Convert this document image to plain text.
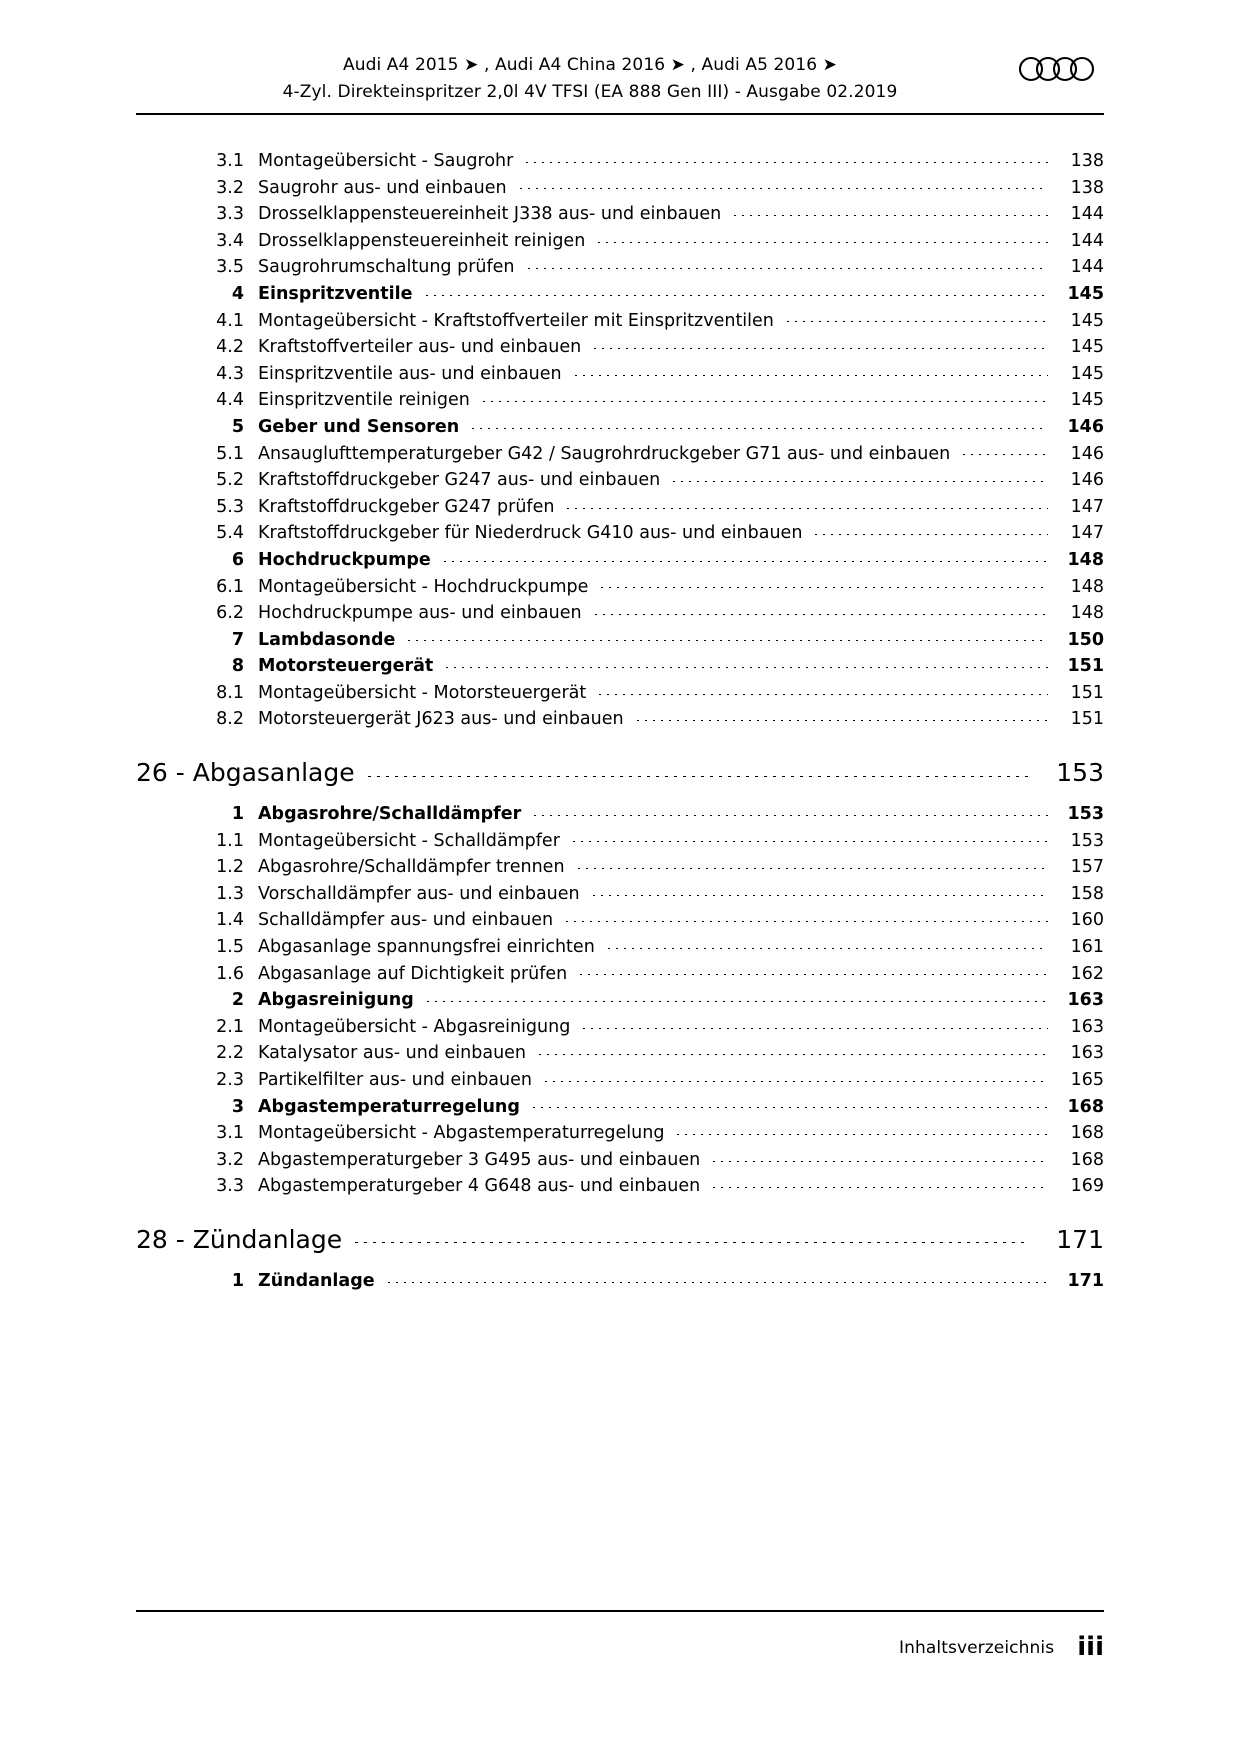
Audi A4 2015 ➤ , Audi A4 China 2016 ➤ , Audi A5 2016 ➤
4-Zyl. Direkteinspritzer 2,0l 4V TFSI (EA 888 Gen III) - Ausgabe 02.2019
3.1 Montageübersicht - Saugrohr	138
3.2 Saugrohr aus- und einbauen	138
3.3 Drosselklappensteuereinheit J338 aus- und einbauen	144
3.4 Drosselklappensteuereinheit reinigen	144
3.5 Saugrohrumschaltung prüfen	144
4 Einspritzventile	145
4.1 Montageübersicht - Kraftstoffverteiler mit Einspritzventilen	145
4.2 Kraftstoffverteiler aus- und einbauen	145
4.3 Einspritzventile aus- und einbauen	145
4.4 Einspritzventile reinigen	145
5 Geber und Sensoren	146
5.1 Ansauglufttemperaturgeber G42 / Saugrohrdruckgeber G71 aus- und einbauen	146
5.2 Kraftstoffdruckgeber G247 aus- und einbauen	146
5.3 Kraftstoffdruckgeber G247 prüfen	147
5.4 Kraftstoffdruckgeber für Niederdruck G410 aus- und einbauen	147
6 Hochdruckpumpe	148
6.1 Montageübersicht - Hochdruckpumpe	148
6.2 Hochdruckpumpe aus- und einbauen	148
7 Lambdasonde	150
8 Motorsteuergerät	151
8.1 Montageübersicht - Motorsteuergerät	151
8.2 Motorsteuergerät J623 aus- und einbauen	151
26 - Abgasanlage	153
1 Abgasrohre/Schalldämpfer	153
1.1 Montageübersicht - Schalldämpfer	153
1.2 Abgasrohre/Schalldämpfer trennen	157
1.3 Vorschalldämpfer aus- und einbauen	158
1.4 Schalldämpfer aus- und einbauen	160
1.5 Abgasanlage spannungsfrei einrichten	161
1.6 Abgasanlage auf Dichtigkeit prüfen	162
2 Abgasreinigung	163
2.1 Montageübersicht - Abgasreinigung	163
2.2 Katalysator aus- und einbauen	163
2.3 Partikelfilter aus- und einbauen	165
3 Abgastemperaturregelung	168
3.1 Montageübersicht - Abgastemperaturregelung	168
3.2 Abgastemperaturgeber 3 G495 aus- und einbauen	168
3.3 Abgastemperaturgeber 4 G648 aus- und einbauen	169
28 - Zündanlage	171
1 Zündanlage	171
Inhaltsverzeichnis iii
